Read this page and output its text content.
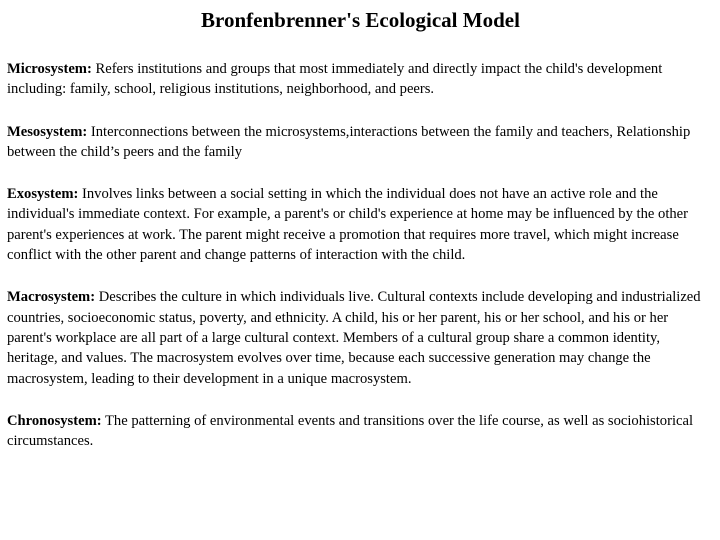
Bronfenbrenner's Ecological Model

Microsystem: Refers institutions and groups that most immediately and directly impact the child's development including: family, school, religious institutions, neighborhood, and peers.

Mesosystem: Interconnections between the microsystems,interactions between the family and teachers, Relationship between the child’s peers and the family

Exosystem: Involves links between a social setting in which the individual does not have an active role and the individual's immediate context. For example, a parent's or child's experience at home may be influenced by the other parent's experiences at work. The parent might receive a promotion that requires more travel, which might increase conflict with the other parent and change patterns of interaction with the child.

Macrosystem: Describes the culture in which individuals live. Cultural contexts include developing and industrialized countries, socioeconomic status, poverty, and ethnicity. A child, his or her parent, his or her school, and his or her parent's workplace are all part of a large cultural context. Members of a cultural group share a common identity, heritage, and values. The macrosystem evolves over time, because each successive generation may change the macrosystem, leading to their development in a unique macrosystem.

Chronosystem: The patterning of environmental events and transitions over the life course, as well as sociohistorical circumstances.
